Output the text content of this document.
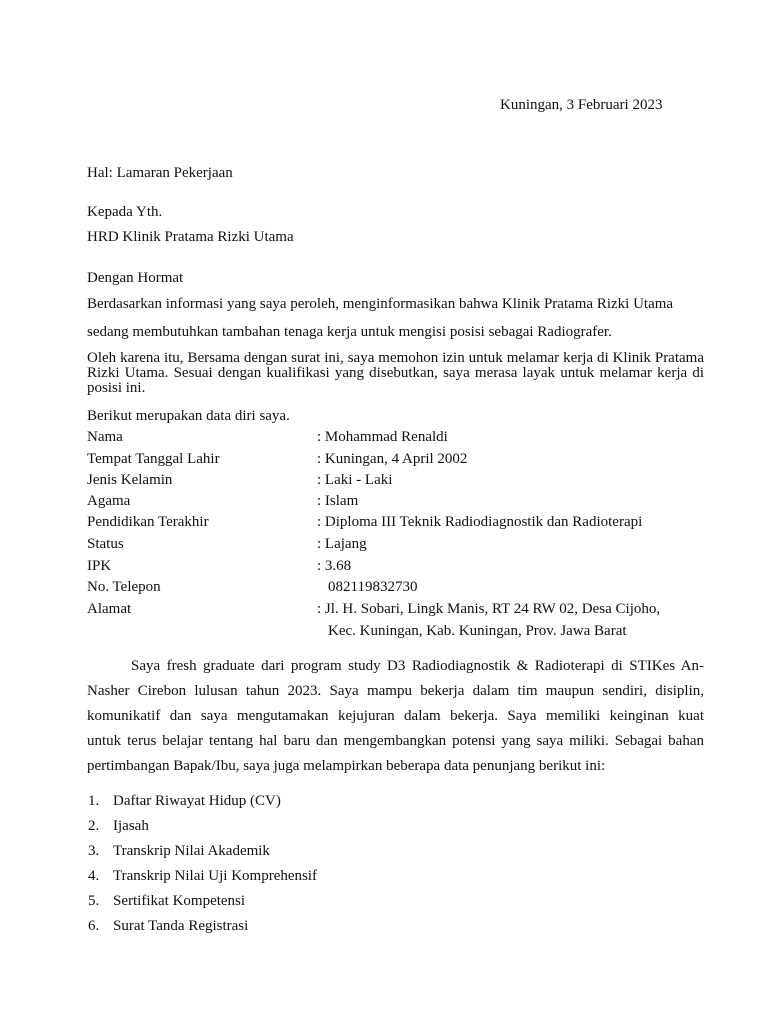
Kuningan, 3 Februari 2023
Hal: Lamaran Pekerjaan
Kepada Yth.
HRD Klinik Pratama Rizki Utama
Dengan Hormat
Berdasarkan informasi yang saya peroleh, menginformasikan bahwa Klinik Pratama Rizki Utama
sedang membutuhkan tambahan tenaga kerja untuk mengisi posisi sebagai Radiografer.
Oleh karena itu, Bersama dengan surat ini, saya memohon izin untuk melamar kerja di Klinik Pratama Rizki Utama. Sesuai dengan kualifikasi yang disebutkan, saya merasa layak untuk melamar kerja di posisi ini.
Berikut merupakan data diri saya.
Nama	: Mohammad Renaldi
Tempat Tanggal Lahir	: Kuningan, 4 April 2002
Jenis Kelamin	: Laki - Laki
Agama	: Islam
Pendidikan Terakhir	: Diploma III Teknik Radiodiagnostik dan Radioterapi
Status	: Lajang
IPK	: 3.68
No. Telepon	082119832730
Alamat	: Jl. H. Sobari, Lingk Manis, RT 24 RW 02, Desa Cijoho,
Kec. Kuningan, Kab. Kuningan, Prov. Jawa Barat
Saya fresh graduate dari program study D3 Radiodiagnostik & Radioterapi di STIKes An-
Nasher Cirebon lulusan tahun 2023. Saya mampu bekerja dalam tim maupun sendiri, disiplin,
komunikatif dan saya mengutamakan kejujuran dalam bekerja. Saya memiliki keinginan kuat
untuk terus belajar tentang hal baru dan mengembangkan potensi yang saya miliki. Sebagai bahan
pertimbangan Bapak/Ibu, saya juga melampirkan beberapa data penunjang berikut ini:
1. Daftar Riwayat Hidup (CV)
2. Ijasah
3. Transkrip Nilai Akademik
4. Transkrip Nilai Uji Komprehensif
5. Sertifikat Kompetensi
6. Surat Tanda Registrasi
